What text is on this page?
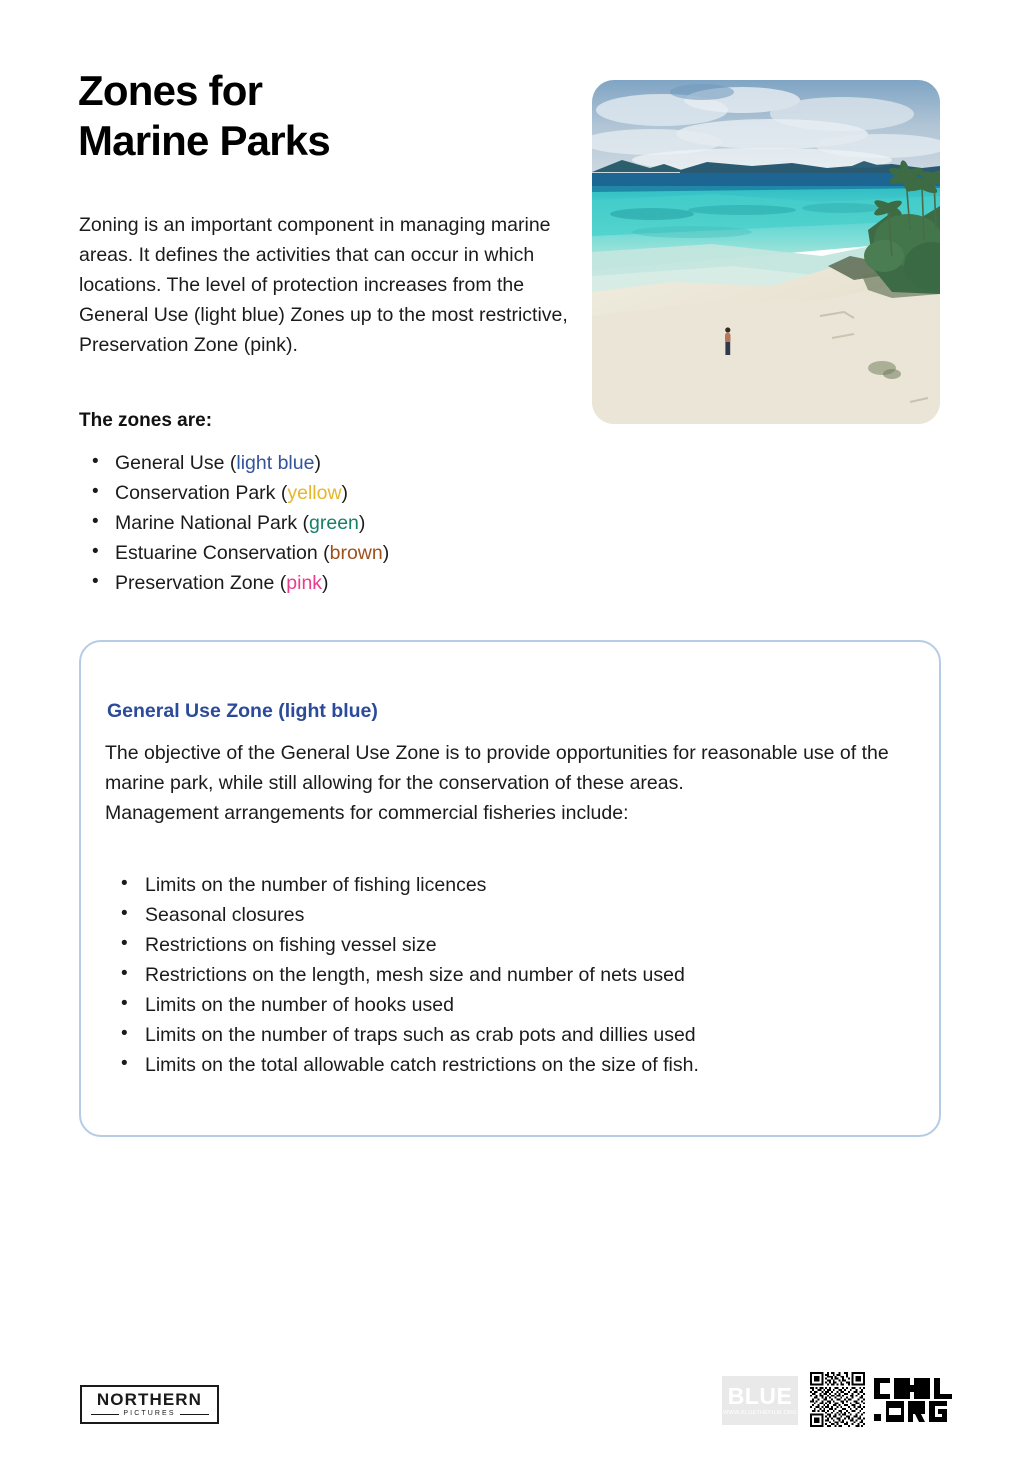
Zones for
Marine Parks

Zoning is an important component in managing marine areas. It defines the activities that can occur in which locations. The level of protection increases from the General Use (light blue) Zones up to the most restrictive, Preservation Zone (pink).

The zones are:
• General Use (light blue)
• Conservation Park (yellow)
• Marine National Park (green)
• Estuarine Conservation (brown)
• Preservation Zone (pink)
General Use Zone (light blue)

The objective of the General Use Zone is to provide opportunities for reasonable use of the marine park, while still allowing for the conservation of these areas.

Management arrangements for commercial fisheries include:

• Limits on the number of fishing licences
• Seasonal closures
• Restrictions on fishing vessel size
• Restrictions on the length, mesh size and number of nets used
• Limits on the number of hooks used
• Limits on the number of traps such as crab pots and dillies used
• Limits on the total allowable catch restrictions on the size of fish.
NORTHERN
PICTURES
BLUE
WWW.BLUETHEFILM.ORG
